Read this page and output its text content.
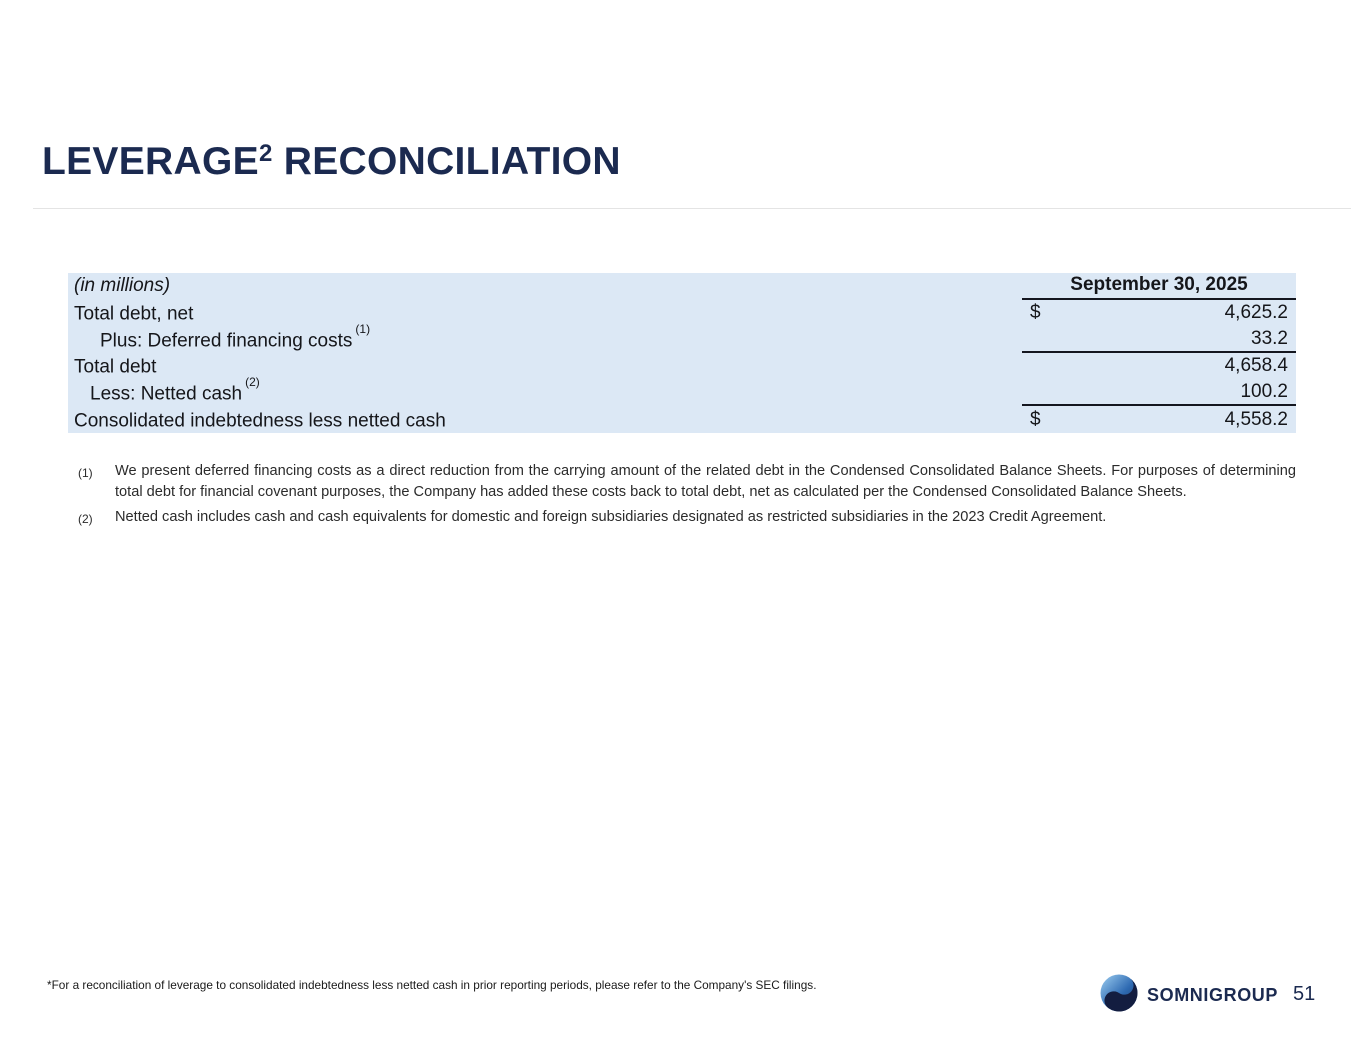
LEVERAGE$^2$ RECONCILIATION
(in millions)	September 30, 2025
Total debt, net	$	4,625.2
Plus: Deferred financing costs$^{(1)}$	33.2
Total debt	4,658.4
Less: Netted cash$^{(2)}$	100.2
Consolidated indebtedness less netted cash	$	4,558.2
(1)	We present deferred financing costs as a direct reduction from the carrying amount of the related debt in the Condensed Consolidated Balance Sheets. For purposes of determining total debt for financial covenant purposes, the Company has added these costs back to total debt, net as calculated per the Condensed Consolidated Balance Sheets.
(2)	Netted cash includes cash and cash equivalents for domestic and foreign subsidiaries designated as restricted subsidiaries in the 2023 Credit Agreement.
*For a reconciliation of leverage to consolidated indebtedness less netted cash in prior reporting periods, please refer to the Company's SEC filings.	SOMNIGROUP 51
